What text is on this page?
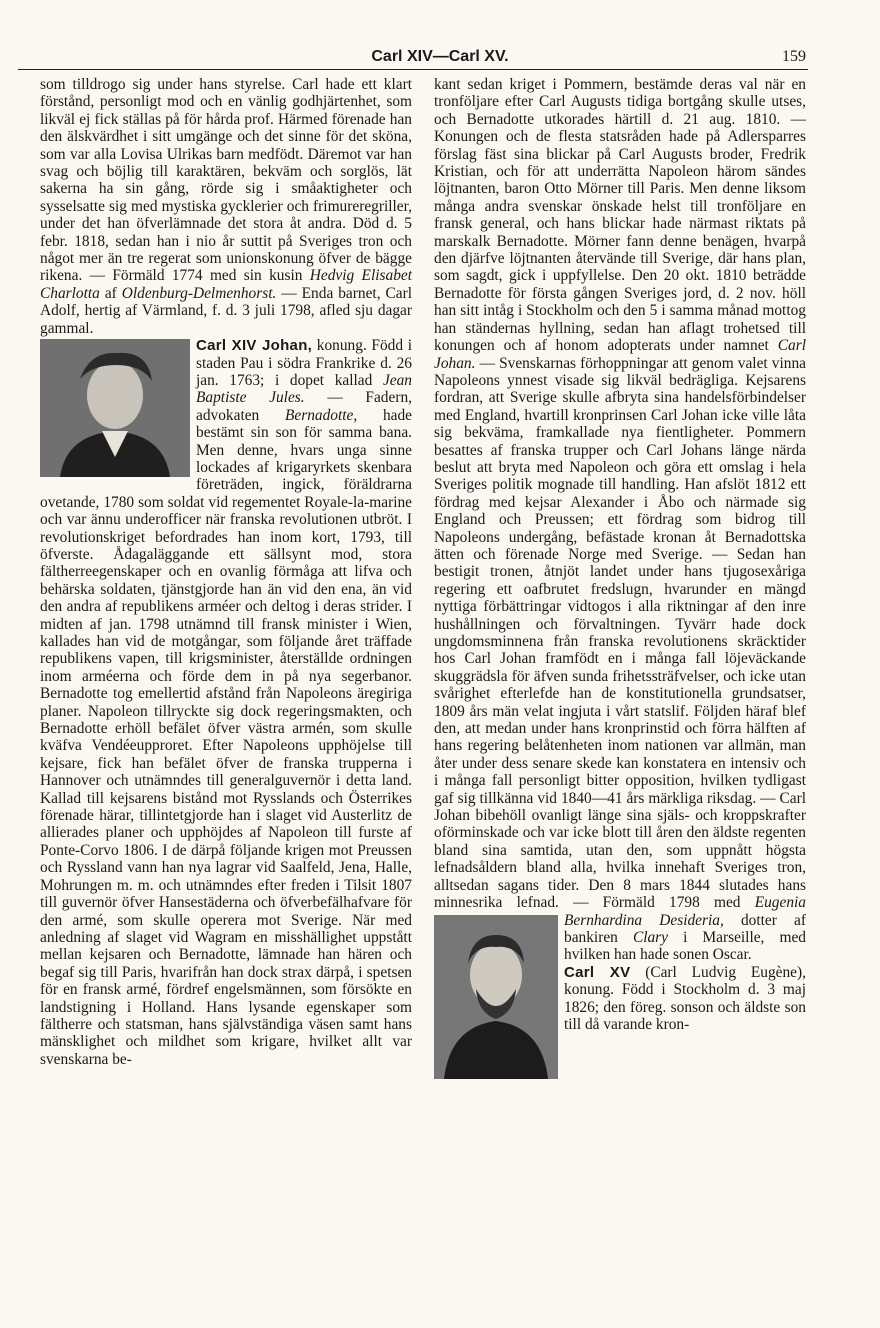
Carl XIV—Carl XV.	159

som tilldrogo sig under hans styrelse. Carl hade ett klart förstånd, personligt mod och en vänlig godhjärtenhet, som likväl ej fick ställas på för hårda prof. Härmed förenade han den älskvärdhet i sitt umgänge och det sinne för det sköna, som var alla Lovisa Ulrikas barn medfödt. Däremot var han svag och böjlig till karaktären, bekväm och sorglös, lät sakerna ha sin gång, rörde sig i småaktigheter och sysselsatte sig med mystiska gycklerier och frimureregriller, under det han öfverlämnade det stora åt andra. Död d. 5 febr. 1818, sedan han i nio år suttit på Sveriges tron och något mer än tre regerat som unionskonung öfver de bägge rikena. — Förmäld 1774 med sin kusin Hedvig Elisabet Charlotta af Oldenburg-Delmenhorst. — Enda barnet, Carl Adolf, hertig af Värmland, f. d. 3 juli 1798, afled sju dagar gammal.

Carl XIV Johan,
konung. Född i staden Pau i södra Frankrike d. 26 jan. 1763; i dopet kallad Jean Baptiste Jules. — Fadern, advokaten Bernadotte, hade bestämt sin son för samma bana. Men denne, hvars unga sinne lockades af krigaryrkets skenbara företräden, ingick, föräldrarna ovetande, 1780 som soldat vid regementet Royale-la-marine och var ännu underofficer när franska revolutionen utbröt. I revolutionskriget befordrades han inom kort, 1793, till öfverste. Ådagaläggande ett sällsynt mod, stora fältherreegenskaper och en ovanlig förmåga att lifva och behärska soldaten, tjänstgjorde han än vid den ena, än vid den andra af republikens arméer och deltog i deras strider. I midten af jan. 1798 utnämnd till fransk minister i Wien, kallades han vid de motgångar, som följande året träffade republikens vapen, till krigsminister, återställde ordningen inom arméerna och förde dem in på nya segerbanor. Bernadotte tog emellertid afstånd från Napoleons äregiriga planer. Napoleon tillryckte sig dock regeringsmakten, och Bernadotte erhöll befälet öfver västra armén, som skulle kväfva Vendéeupproret. Efter Napoleons upphöjelse till kejsare, fick han befälet öfver de franska trupperna i Hannover och utnämndes till generalguvernör i detta land. Kallad till kejsarens bistånd mot Rysslands och Österrikes förenade härar, tillintetgjorde han i slaget vid Austerlitz de allierades planer och upphöjdes af Napoleon till furste af Ponte-Corvo 1806. I de därpå följande krigen mot Preussen och Ryssland vann han nya lagrar vid Saalfeld, Jena, Halle, Mohrungen m. m. och utnämndes efter freden i Tilsit 1807 till guvernör öfver Hansestäderna och öfverbefälhafvare för den armé, som skulle operera mot Sverige. När med anledning af slaget vid Wagram en misshällighet uppstått mellan kejsaren och Bernadotte, lämnade han hären och begaf sig till Paris, hvarifrån han dock strax därpå, i spetsen för en fransk armé, fördref engelsmännen, som försökte en landstigning i Holland. Hans lysande egenskaper som fältherre och statsman, hans självständiga väsen samt hans mänsklighet och mildhet som krigare, hvilket allt var svenskarna be-

kant sedan kriget i Pommern, bestämde deras val när en tronföljare efter Carl Augusts tidiga bortgång skulle utses, och Bernadotte utkorades härtill d. 21 aug. 1810. — Konungen och de flesta statsråden hade på Adlersparres förslag fäst sina blickar på Carl Augusts broder, Fredrik Kristian, och för att underrätta Napoleon härom sändes löjtnanten, baron Otto Mörner till Paris. Men denne liksom många andra svenskar önskade helst till tronföljare en fransk general, och hans blickar hade närmast riktats på marskalk Bernadotte. Mörner fann denne benägen, hvarpå den djärfve löjtnanten återvände till Sverige, där hans plan, som sagdt, gick i uppfyllelse. Den 20 okt. 1810 beträdde Bernadotte för första gången Sveriges jord, d. 2 nov. höll han sitt intåg i Stockholm och den 5 i samma månad mottog han ständernas hyllning, sedan han aflagt trohetsed till konungen och af honom adopterats under namnet Carl Johan. — Svenskarnas förhoppningar att genom valet vinna Napoleons ynnest visade sig likväl bedrägliga. Kejsarens fordran, att Sverige skulle afbryta sina handelsförbindelser med England, hvartill kronprinsen Carl Johan icke ville låta sig bekväma, framkallade nya fientligheter. Pommern besattes af franska trupper och Carl Johans länge närda beslut att bryta med Napoleon och göra ett omslag i hela Sveriges politik mognade till handling. Han afslöt 1812 ett fördrag med kejsar Alexander i Åbo och närmade sig England och Preussen; ett fördrag som bidrog till Napoleons undergång, befästade kronan åt Bernadottska ätten och förenade Norge med Sverige. — Sedan han bestigit tronen, åtnjöt landet under hans tjugosexåriga regering ett oafbrutet fredslugn, hvarunder en mängd nyttiga förbättringar vidtogos i alla riktningar af den inre hushållningen och förvaltningen. Tyvärr hade dock ungdomsminnena från franska revolutionens skräcktider hos Carl Johan framfödt en i många fall löjeväckande skuggrädsla för äfven sunda frihetssträfvelser, och icke utan svårighet efterlefde han de konstitutionella grundsatser, 1809 års män velat ingjuta i vårt statslif. Följden häraf blef den, att medan under hans kronprinstid och förra hälften af hans regering belåtenheten inom nationen var allmän, man åter under dess senare skede kan konstatera en intensiv och i många fall personligt bitter opposition, hvilken tydligast gaf sig tillkänna vid 1840—41 års märkliga riksdag. — Carl Johan bibehöll ovanligt länge sina själs- och kroppskrafter oförminskade och var icke blott till åren den äldste regenten bland sina samtida, utan den, som uppnått högsta lefnadsåldern bland alla, hvilka innehaft Sveriges tron, alltsedan sagans tider. Den 8 mars 1844 slutades hans minnesrika lefnad. — Förmäld 1798 med
Eugenia Bernhardina Desideria, dotter af bankiren Clary i Marseille, med hvilken han hade sonen Oscar.

Carl XV (Carl Ludvig Eugène), konung. Född i Stockholm d. 3 maj 1826; den föreg. sonson och äldste son till då varande kron-
